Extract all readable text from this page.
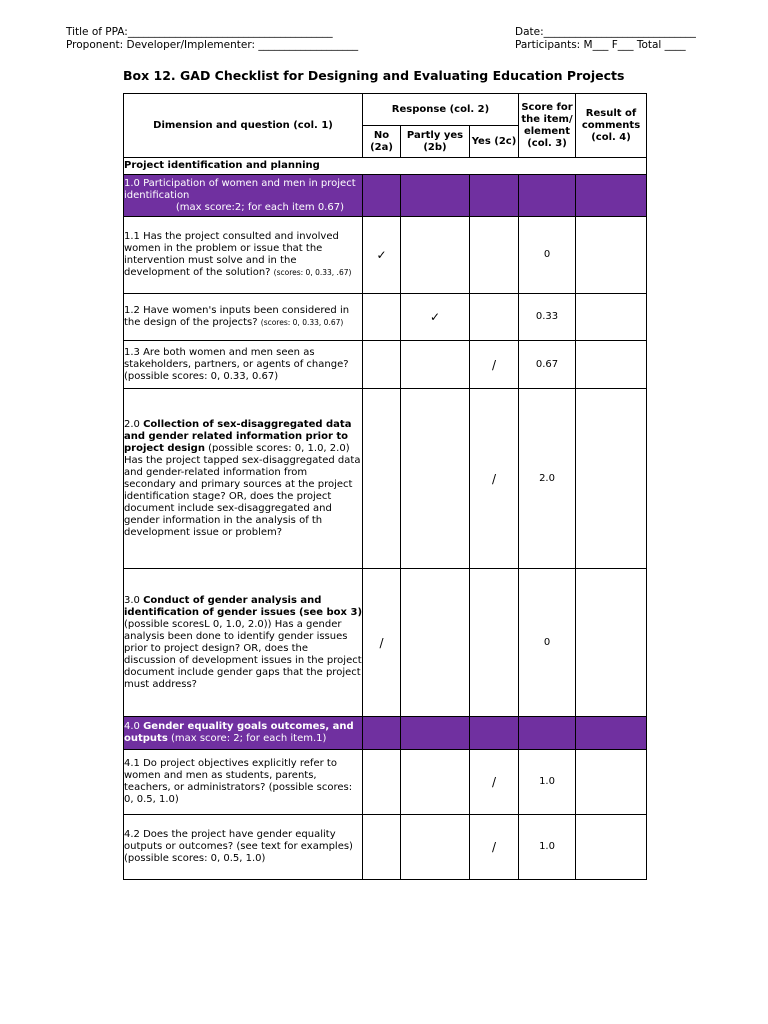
Title of PPA:_______________________________________
Proponent: Developer/Implementer: ___________________
Date:_____________________________
Participants: M___ F___ Total ____
Box 12. GAD Checklist for Designing and Evaluating Education Projects
Dimension and question (col. 1)	Response (col. 2)			Score for the item/ element (col. 3)	Result of comments (col. 4)
	No (2a)	Partly yes (2b)	Yes (2c)		
Project identification and planning					
1.0 Participation of women and men in project identification
(max score:2; for each item 0.67)					

1.1 Has the project consulted and involved women in the problem or issue that the intervention must solve and in the development of the solution? (scores: 0, 0.33, .67)	✓			0	
1.2 Have women's inputs been considered in the design of the projects? (scores: 0, 0.33, 0.67)		✓		0.33	
1.3 Are both women and men seen as stakeholders, partners, or agents of change? (possible scores: 0, 0.33, 0.67)			/	0.67	
2.0 Collection of sex-disaggregated data and gender related information prior to project design (possible scores: 0, 1.0, 2.0) Has the project tapped sex-disaggregated data and gender-related information from secondary and primary sources at the project identification stage? OR, does the project document include sex-disaggregated and gender information in the analysis of th development issue or problem?			/	2.0	
3.0 Conduct of gender analysis and identification of gender issues (see box 3) (possible scoresL 0, 1.0, 2.0)) Has a gender analysis been done to identify gender issues prior to project design? OR, does the discussion of development issues in the project document include gender gaps that the project must address?	/			0	
4.0 Gender equality goals outcomes, and outputs (max score: 2; for each item.1)					
4.1 Do project objectives explicitly refer to women and men as students, parents, teachers, or administrators? (possible scores: 0, 0.5, 1.0)			/	1.0	
4.2 Does the project have gender equality outputs or outcomes? (see text for examples) (possible scores: 0, 0.5, 1.0)			/	1.0	
